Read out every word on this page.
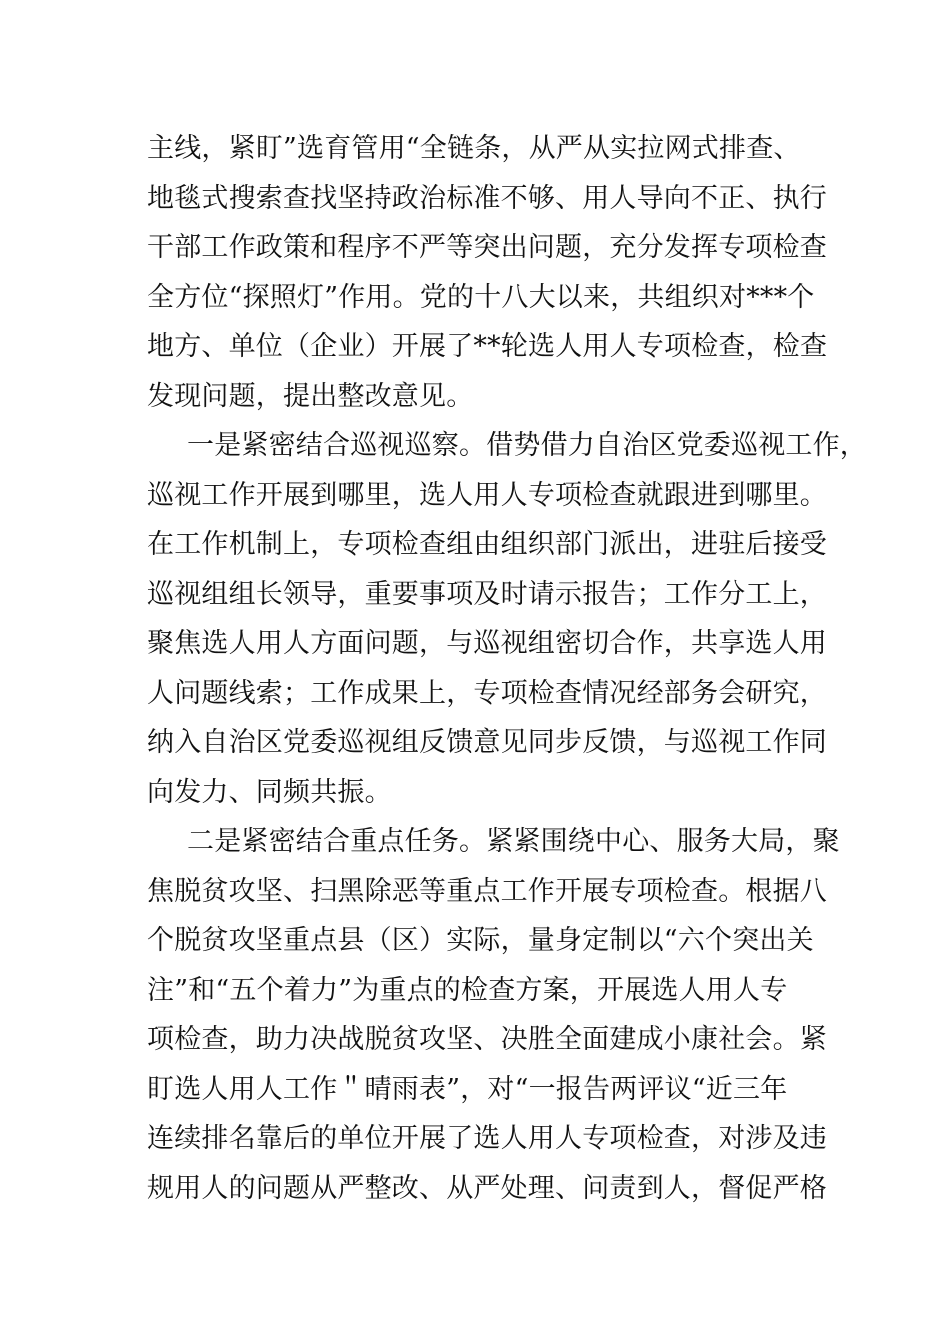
主线，紧盯”选育管用“全链条，从严从实拉网式排查、
地毯式搜索查找坚持政治标准不够、用人导向不正、执行
干部工作政策和程序不严等突出问题，充分发挥专项检查
全方位“探照灯”作用。党的十八大以来，共组织对***个
地方、单位（企业）开展了**轮选人用人专项检查，检查
发现问题，提出整改意见。
一是紧密结合巡视巡察。借势借力自治区党委巡视工作，
巡视工作开展到哪里，选人用人专项检查就跟进到哪里。
在工作机制上，专项检查组由组织部门派出，进驻后接受
巡视组组长领导，重要事项及时请示报告；工作分工上，
聚焦选人用人方面问题，与巡视组密切合作，共享选人用
人问题线索；工作成果上，专项检查情况经部务会研究，
纳入自治区党委巡视组反馈意见同步反馈，与巡视工作同
向发力、同频共振。
二是紧密结合重点任务。紧紧围绕中心、服务大局，聚
焦脱贫攻坚、扫黑除恶等重点工作开展专项检查。根据八
个脱贫攻坚重点县（区）实际，量身定制以“六个突出关
注”和“五个着力”为重点的检查方案，开展选人用人专
项检查，助力决战脱贫攻坚、决胜全面建成小康社会。紧
盯选人用人工作＂晴雨表”，对“一报告两评议“近三年
连续排名靠后的单位开展了选人用人专项检查，对涉及违
规用人的问题从严整改、从严处理、问责到人，督促严格
